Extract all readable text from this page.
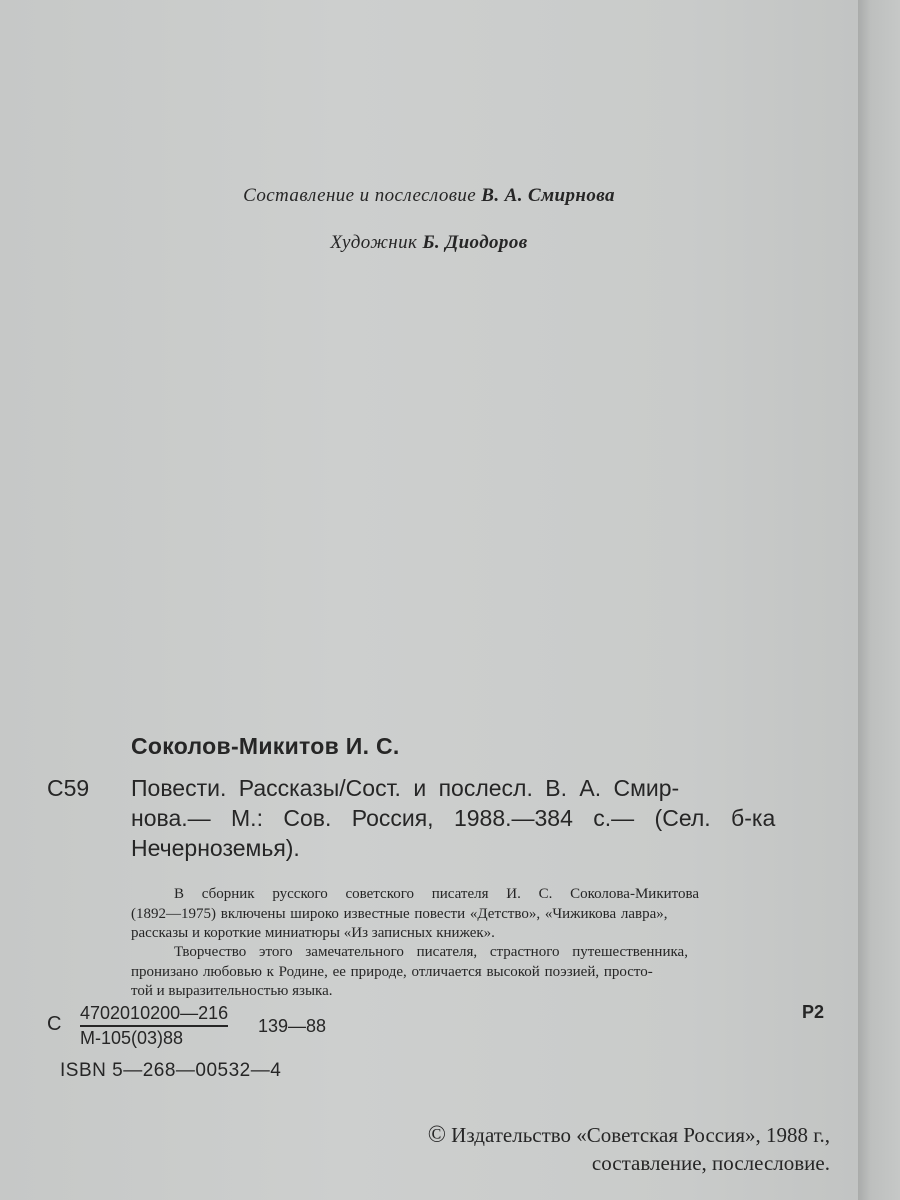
Составление и послесловие В. А. Смирнова
Художник Б. Диодоров
Соколов-Микитов И. С.
С59 Повести. Рассказы/Сост. и послесл. В. А. Смир-
нова.— М.: Сов. Россия, 1988.—384 с.— (Сел. б-ка
Нечерноземья).
В сборник русского советского писателя И. С. Соколова-Микитова
(1892—1975) включены широко известные повести «Детство», «Чижикова лавра»,
рассказы и короткие миниатюры «Из записных книжек».
Творчество этого замечательного писателя, страстного путешественника,
пронизано любовью к Родине, ее природе, отличается высокой поэзией, просто-
той и выразительностью языка.
С 4702010200—216
М-105(03)88
139—88
Р2
ISBN 5—268—00532—4
© Издательство «Советская Россия», 1988 г.,
составление, послесловие.
